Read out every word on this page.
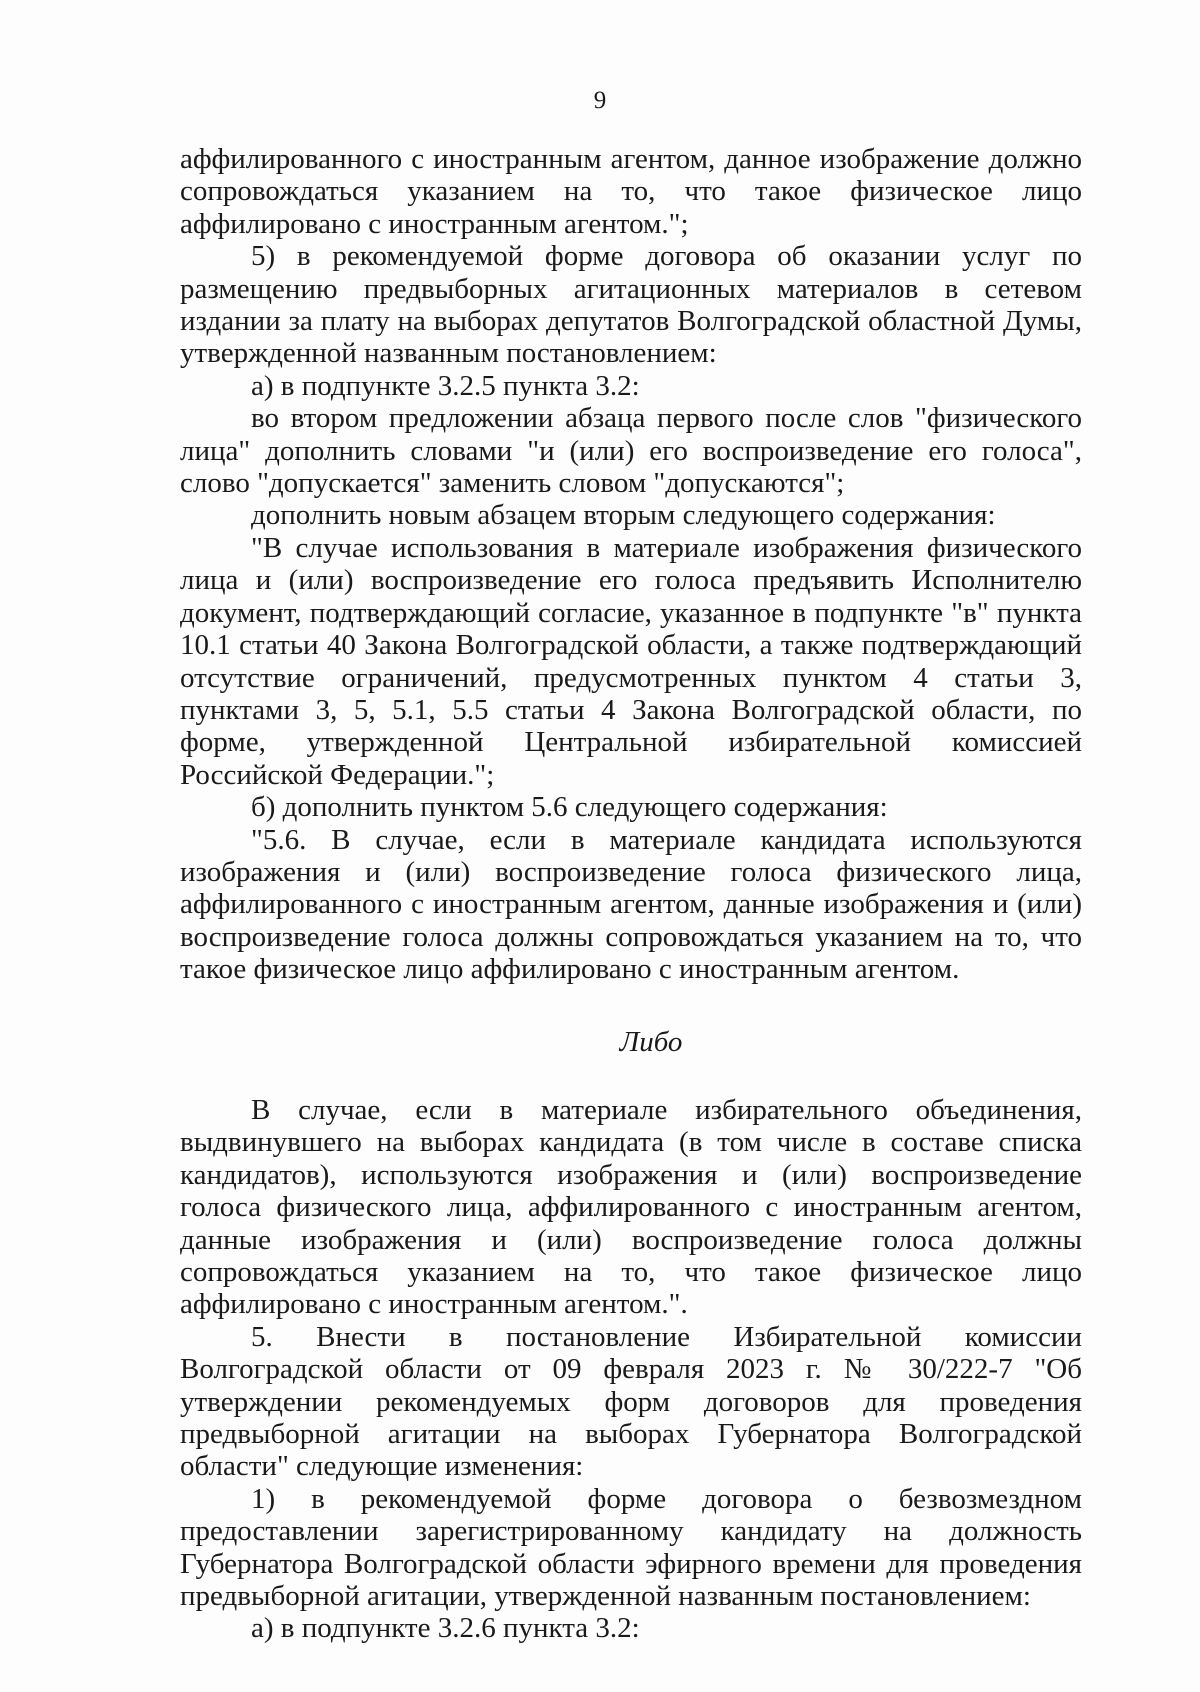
9

аффилированного с иностранным агентом, данное изображение должно сопровождаться указанием на то, что такое физическое лицо аффилировано с иностранным агентом.";

5) в рекомендуемой форме договора об оказании услуг по размещению предвыборных агитационных материалов в сетевом издании за плату на выборах депутатов Волгоградской областной Думы, утвержденной названным постановлением:

а) в подпункте 3.2.5 пункта 3.2:

во втором предложении абзаца первого после слов "физического лица" дополнить словами "и (или) его воспроизведение его голоса", слово "допускается" заменить словом "допускаются";

дополнить новым абзацем вторым следующего содержания:

"В случае использования в материале изображения физического лица и (или) воспроизведение его голоса предъявить Исполнителю документ, подтверждающий согласие, указанное в подпункте "в" пункта 10.1 статьи 40 Закона Волгоградской области, а также подтверждающий отсутствие ограничений, предусмотренных пунктом 4 статьи 3, пунктами 3, 5, 5.1, 5.5 статьи 4 Закона Волгоградской области, по форме, утвержденной Центральной избирательной комиссией Российской Федерации.";

б) дополнить пунктом 5.6 следующего содержания:

"5.6. В случае, если в материале кандидата используются изображения и (или) воспроизведение голоса физического лица, аффилированного с иностранным агентом, данные изображения и (или) воспроизведение голоса должны сопровождаться указанием на то, что такое физическое лицо аффилировано с иностранным агентом.

Либо

В случае, если в материале избирательного объединения, выдвинувшего на выборах кандидата (в том числе в составе списка кандидатов), используются изображения и (или) воспроизведение голоса физического лица, аффилированного с иностранным агентом, данные изображения и (или) воспроизведение голоса должны сопровождаться указанием на то, что такое физическое лицо аффилировано с иностранным агентом.".

5. Внести в постановление Избирательной комиссии Волгоградской области от 09 февраля 2023 г. № 30/222-7 "Об утверждении рекомендуемых форм договоров для проведения предвыборной агитации на выборах Губернатора Волгоградской области" следующие изменения:

1) в рекомендуемой форме договора о безвозмездном предоставлении зарегистрированному кандидату на должность Губернатора Волгоградской области эфирного времени для проведения предвыборной агитации, утвержденной названным постановлением:

а) в подпункте 3.2.6 пункта 3.2:
